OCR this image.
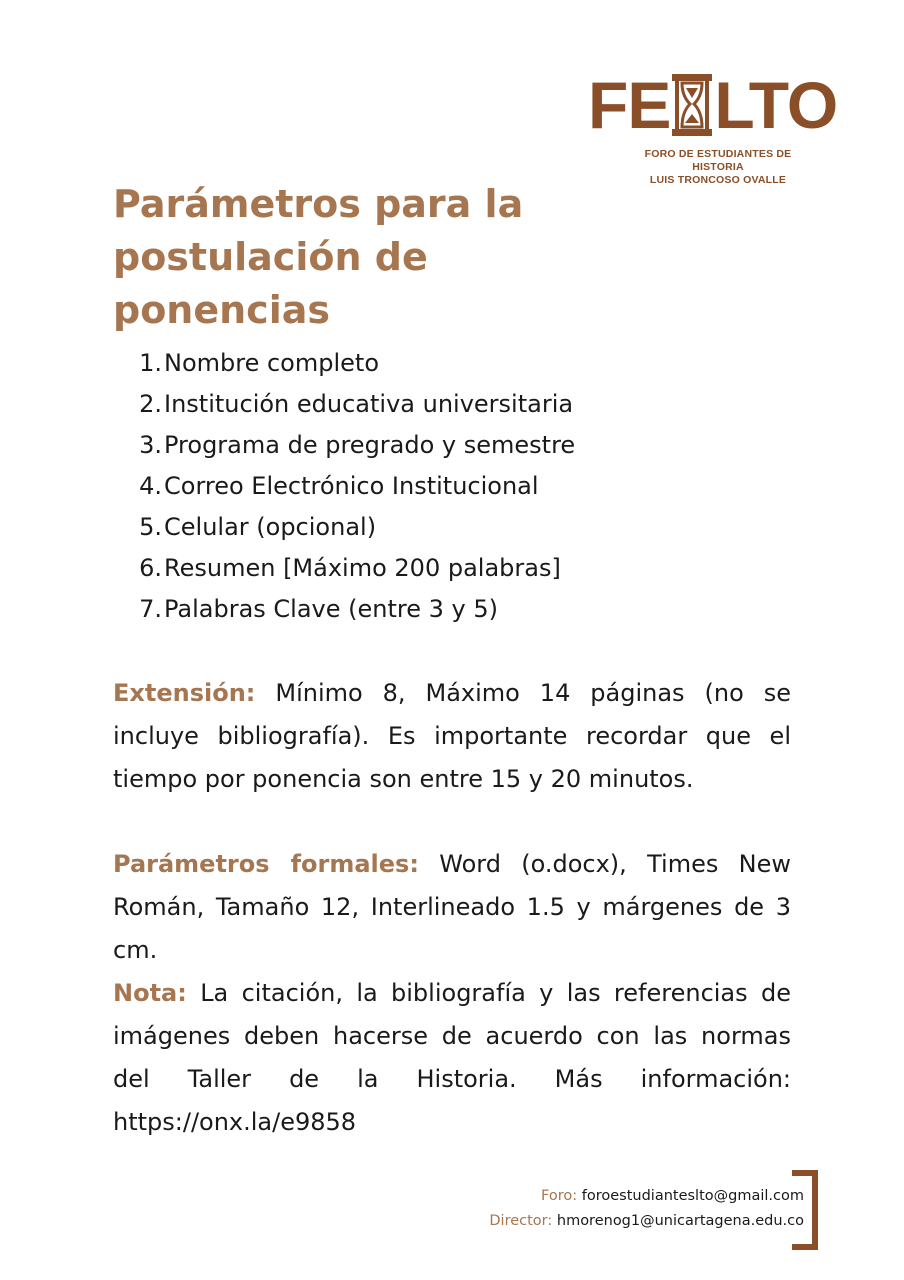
FE LTO
FORO DE ESTUDIANTES DE HISTORIA
LUIS TRONCOSO OVALLE
Parámetros para la postulación de ponencias
1. Nombre completo
2. Institución educativa universitaria
3. Programa de pregrado y semestre
4. Correo Electrónico Institucional
5. Celular (opcional)
6. Resumen [Máximo 200 palabras]
7. Palabras Clave (entre 3 y 5)

Extensión: Mínimo 8, Máximo 14 páginas (no se incluye bibliografía). Es importante recordar que el tiempo por ponencia son entre 15 y 20 minutos.

Parámetros formales: Word (o.docx), Times New Román, Tamaño 12, Interlineado 1.5 y márgenes de 3 cm.

Nota: La citación, la bibliografía y las referencias de imágenes deben hacerse de acuerdo con las normas del Taller de la Historia. Más información: https://onx.la/e9858

Foro: foroestudianteslto@gmail.com
Director: hmorenog1@unicartagena.edu.co
